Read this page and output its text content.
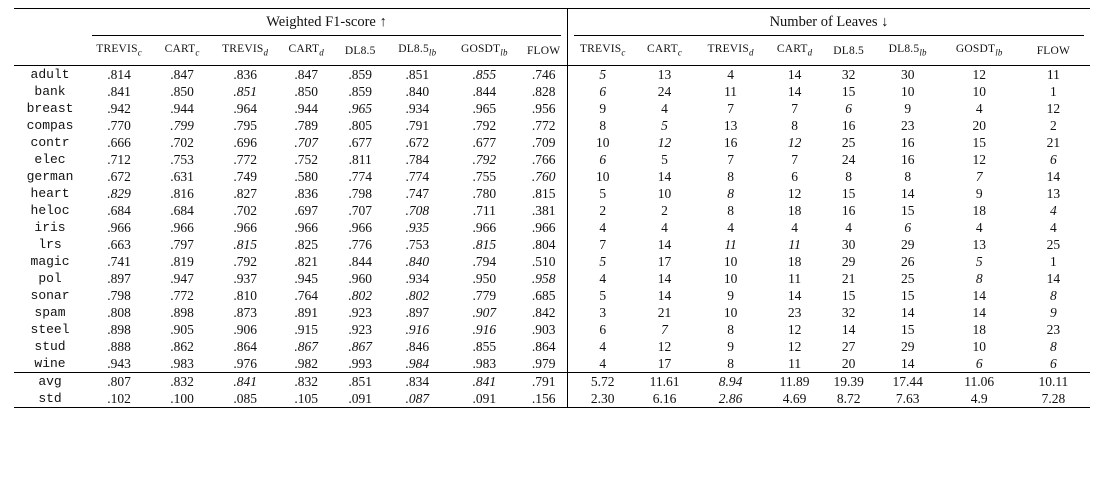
	Weighted F1-score ↑								Number of Leaves ↓							

	$TREVIS_c$	$CART_c$	$TREVIS_d$	$CART_d$	DL8.5	$DL8.5_{lb}$	$GOSDT_{lb}$	FLOW	$TREVIS_c$	$CART_c$	$TREVIS_d$	$CART_d$	DL8.5	$DL8.5_{lb}$	$GOSDT_{lb}$	FLOW
adult	.814	.847	.836	.847	.859	.851	.855	.746	5	13	4	14	32	30	12	11
bank	.841	.850	.851	.850	.859	.840	.844	.828	6	24	11	14	15	10	10	1
breast	.942	.944	.964	.944	.965	.934	.965	.956	9	4	7	7	6	9	4	12
compas	.770	.799	.795	.789	.805	.791	.792	.772	8	5	13	8	16	23	20	2
contr	.666	.702	.696	.707	.677	.672	.677	.709	10	12	16	12	25	16	15	21
elec	.712	.753	.772	.752	.811	.784	.792	.766	6	5	7	7	24	16	12	6
german	.672	.631	.749	.580	.774	.774	.755	.760	10	14	8	6	8	8	7	14
heart	.829	.816	.827	.836	.798	.747	.780	.815	5	10	8	12	15	14	9	13
heloc	.684	.684	.702	.697	.707	.708	.711	.381	2	2	8	18	16	15	18	4
iris	.966	.966	.966	.966	.966	.935	.966	.966	4	4	4	4	4	6	4	4
lrs	.663	.797	.815	.825	.776	.753	.815	.804	7	14	11	11	30	29	13	25
magic	.741	.819	.792	.821	.844	.840	.794	.510	5	17	10	18	29	26	5	1
pol	.897	.947	.937	.945	.960	.934	.950	.958	4	14	10	11	21	25	8	14
sonar	.798	.772	.810	.764	.802	.802	.779	.685	5	14	9	14	15	15	14	8
spam	.808	.898	.873	.891	.923	.897	.907	.842	3	21	10	23	32	14	14	9
steel	.898	.905	.906	.915	.923	.916	.916	.903	6	7	8	12	14	15	18	23
stud	.888	.862	.864	.867	.867	.846	.855	.864	4	12	9	12	27	29	10	8
wine	.943	.983	.976	.982	.993	.984	.983	.979	4	17	8	11	20	14	6	6
avg	.807	.832	.841	.832	.851	.834	.841	.791	5.72	11.61	8.94	11.89	19.39	17.44	11.06	10.11
std	.102	.100	.085	.105	.091	.087	.091	.156	2.30	6.16	2.86	4.69	8.72	7.63	4.9	7.28
